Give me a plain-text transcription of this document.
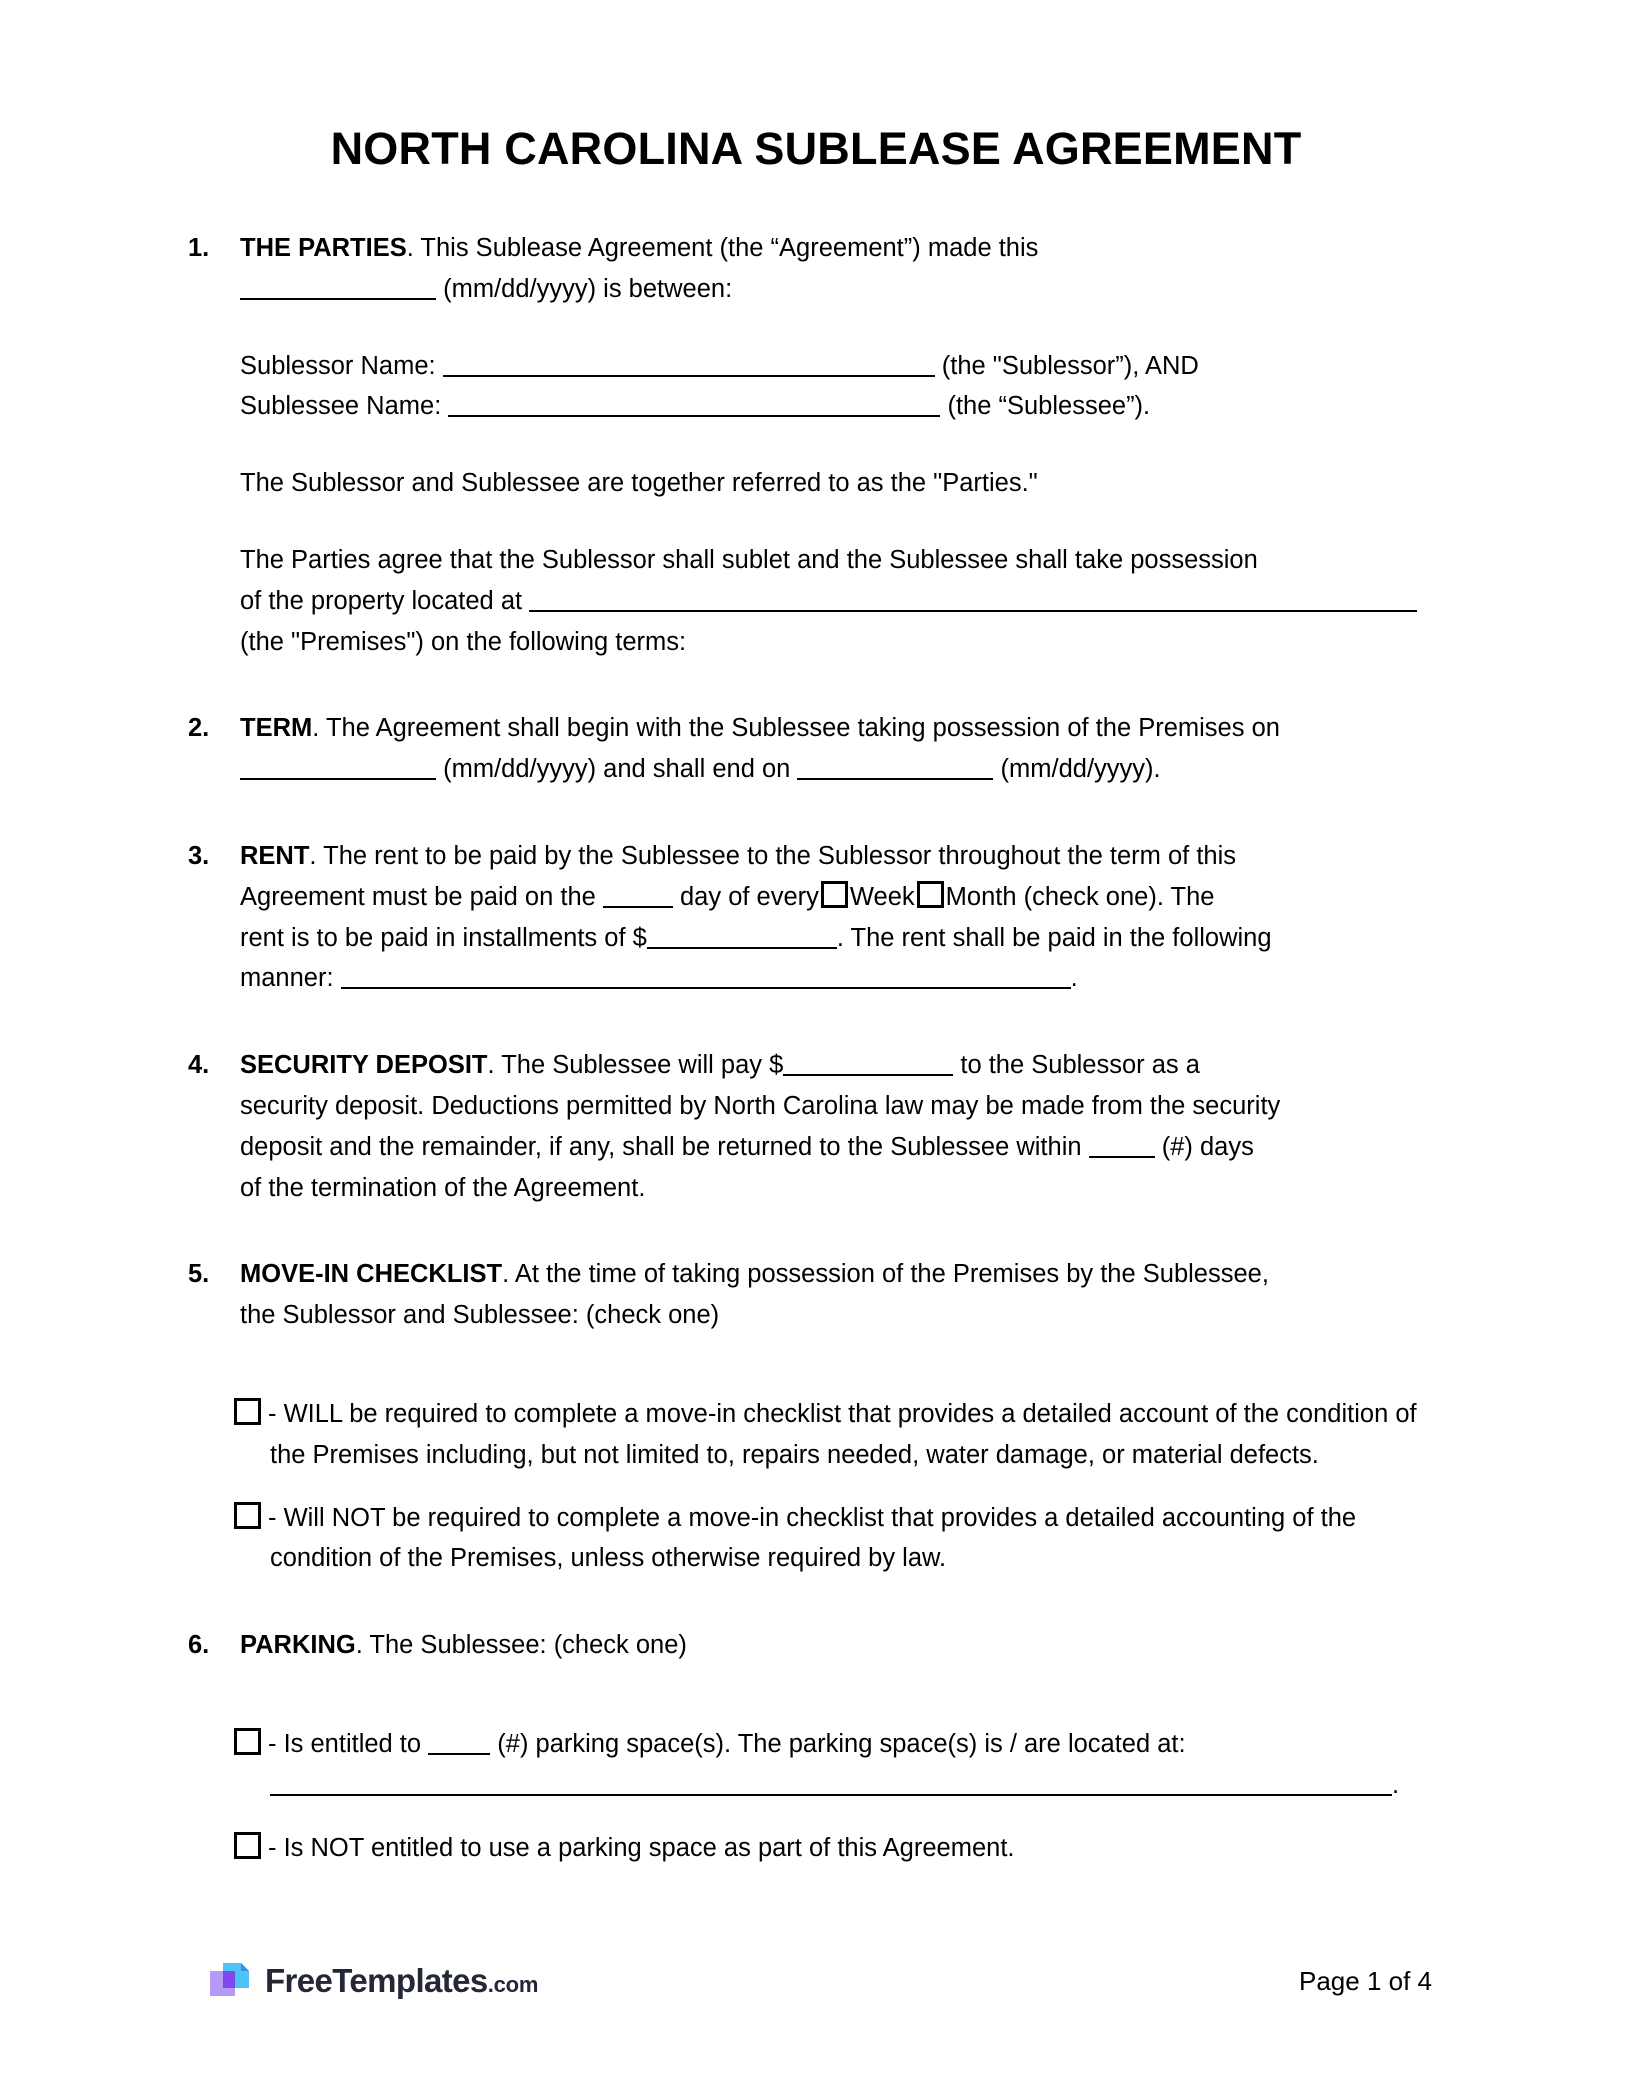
NORTH CAROLINA SUBLEASE AGREEMENT
1.	THE PARTIES. This Sublease Agreement (the “Agreement”) made this
(mm/dd/yyyy) is between:
Sublessor Name:	(the "Sublessor”), AND
Sublessee Name:	(the “Sublessee”).
The Sublessor and Sublessee are together referred to as the "Parties."
The Parties agree that the Sublessor shall sublet and the Sublessee shall take possession
of the property located at
(the "Premises") on the following terms:
2.	TERM. The Agreement shall begin with the Sublessee taking possession of the Premises on
(mm/dd/yyyy) and shall end on	(mm/dd/yyyy).
3.	RENT. The rent to be paid by the Sublessee to the Sublessor throughout the term of this
Agreement must be paid on the	day of every Week Month (check one). The
rent is to be paid in installments of $	. The rent shall be paid in the following
manner:	.
4.	SECURITY DEPOSIT. The Sublessee will pay $	to the Sublessor as a
security deposit. Deductions permitted by North Carolina law may be made from the security
deposit and the remainder, if any, shall be returned to the Sublessee within	(#) days
of the termination of the Agreement.
5.	MOVE-IN CHECKLIST. At the time of taking possession of the Premises by the Sublessee,
the Sublessor and Sublessee: (check one)
- WILL be required to complete a move-in checklist that provides a detailed account of the condition of the Premises including, but not limited to, repairs needed, water damage, or material defects.
- Will NOT be required to complete a move-in checklist that provides a detailed accounting of the condition of the Premises, unless otherwise required by law.
6.	PARKING. The Sublessee: (check one)
- Is entitled to	(#) parking space(s). The parking space(s) is / are located at:
.
- Is NOT entitled to use a parking space as part of this Agreement.
FreeTemplates.com	Page 1 of 4
